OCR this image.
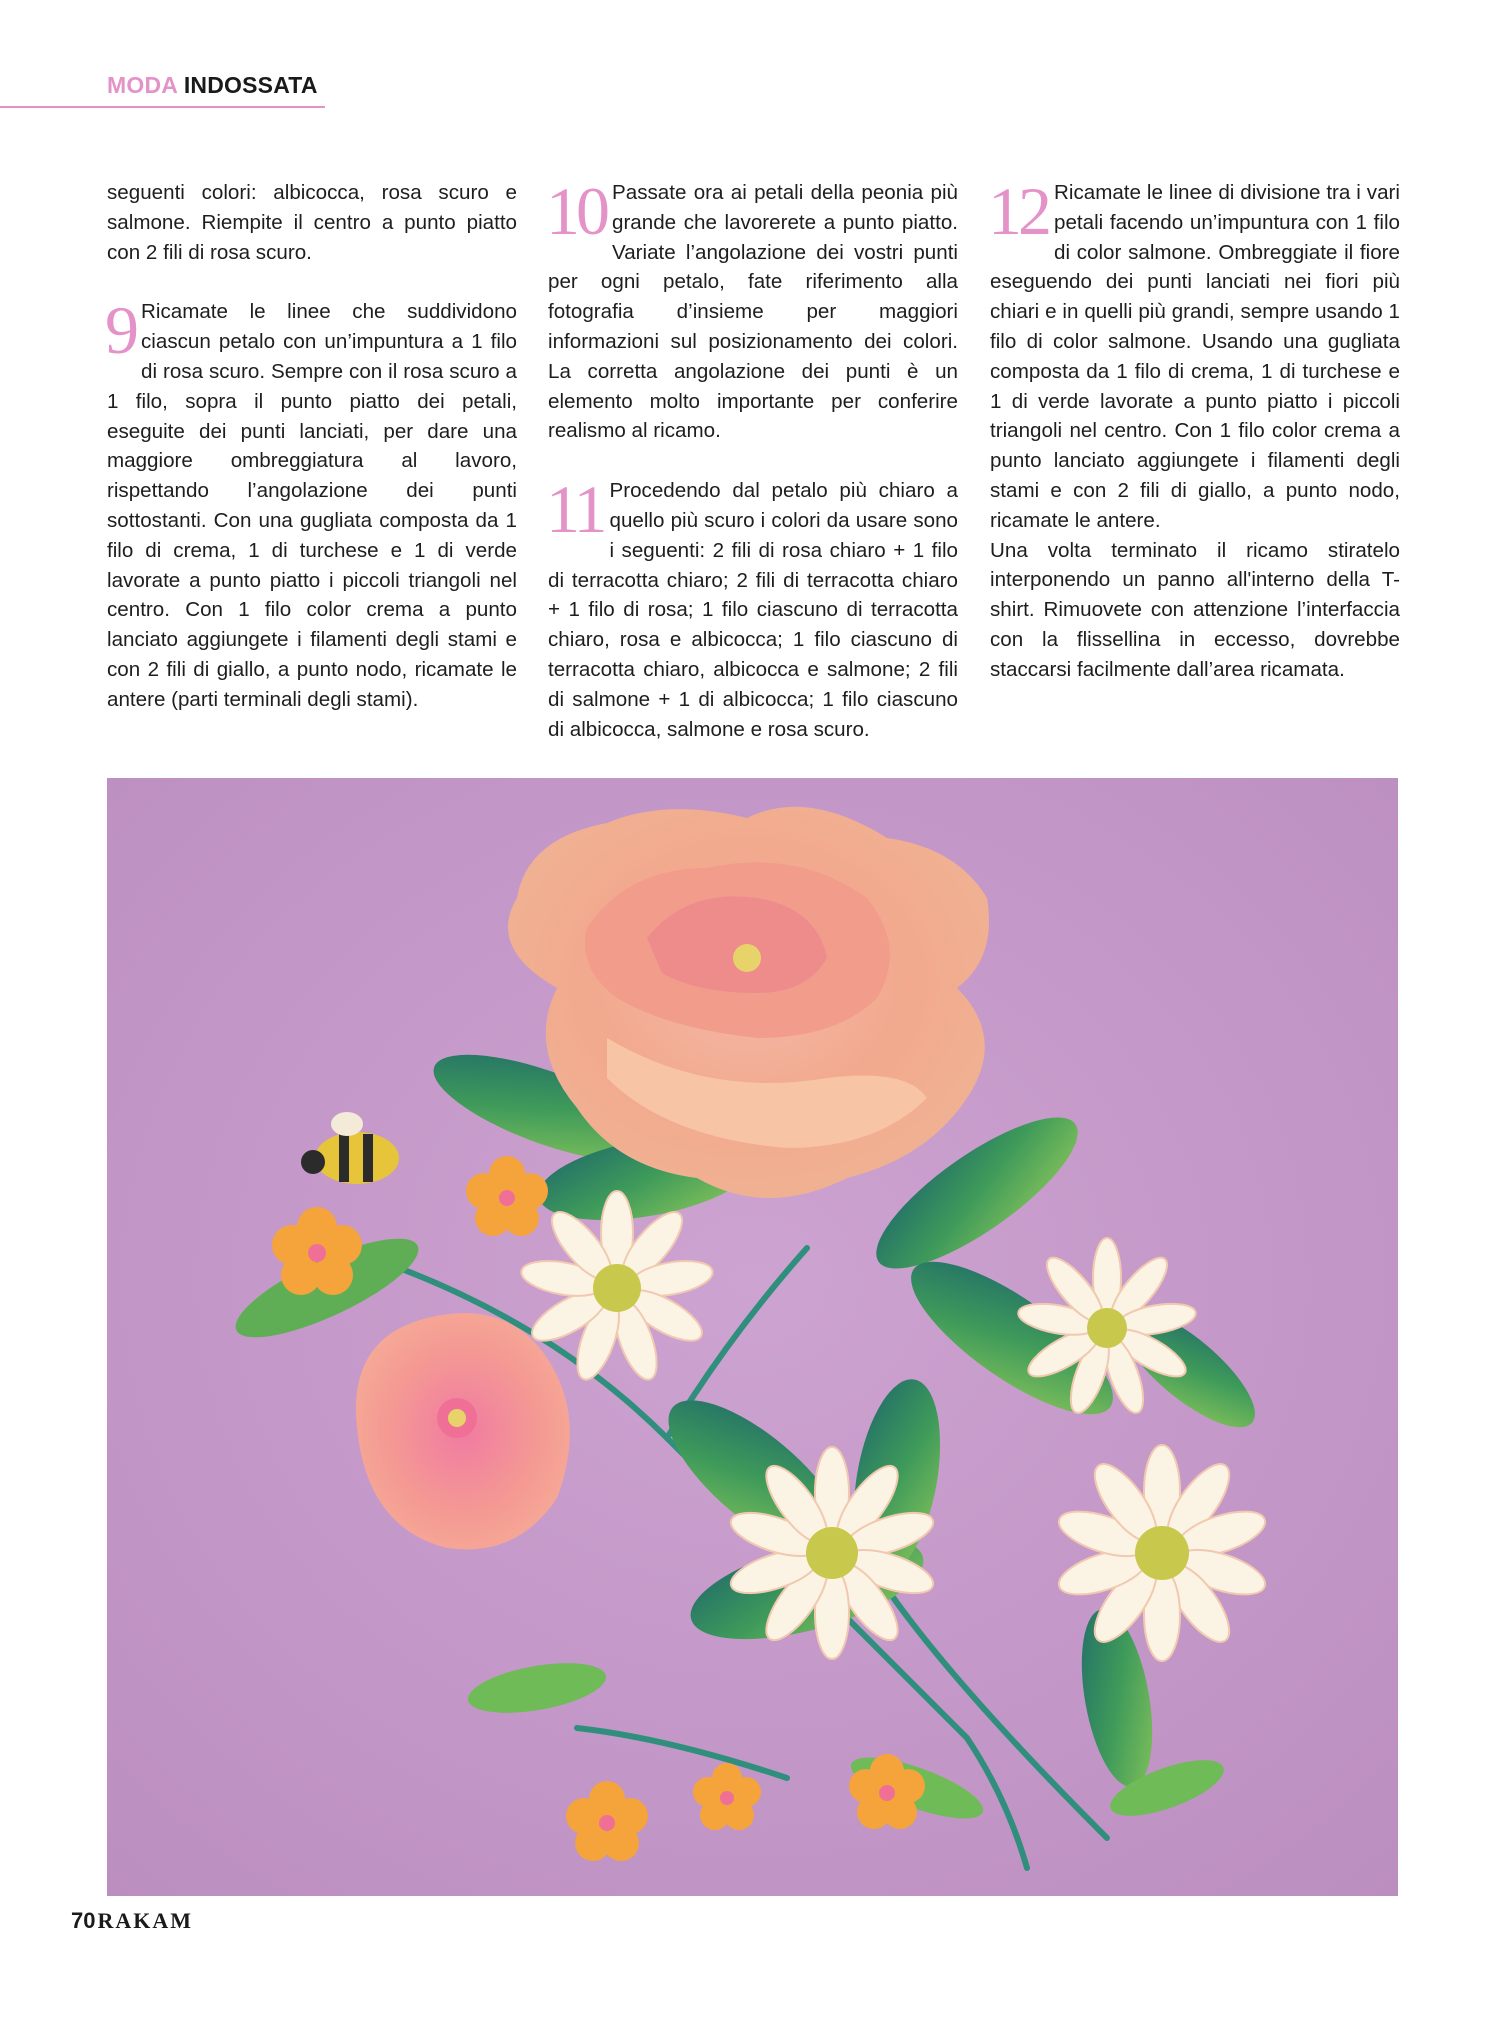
MODA INDOSSATA

seguenti colori: albicocca, rosa scuro e salmone. Riempite il centro a punto piatto con 2 fili di rosa scuro.

9 Ricamate le linee che suddividono ciascun petalo con un’impuntura a 1 filo di rosa scuro. Sempre con il rosa scuro a 1 filo, sopra il punto piatto dei petali, eseguite dei punti lanciati, per dare una maggiore ombreggiatura al lavoro, rispettando l’angolazione dei punti sottostanti. Con una gugliata composta da 1 filo di crema, 1 di turchese e 1 di verde lavorate a punto piatto i piccoli triangoli nel centro. Con 1 filo color crema a punto lanciato aggiungete i filamenti degli stami e con 2 fili di giallo, a punto nodo, ricamate le antere (parti terminali degli stami).

10 Passate ora ai petali della peonia più grande che lavorerete a punto piatto. Variate l’angolazione dei vostri punti per ogni petalo, fate riferimento alla fotografia d’insieme per maggiori informazioni sul posizionamento dei colori. La corretta angolazione dei punti è un elemento molto importante per conferire realismo al ricamo.

11 Procedendo dal petalo più chiaro a quello più scuro i colori da usare sono i seguenti: 2 fili di rosa chiaro + 1 filo di terracotta chiaro; 2 fili di terracotta chiaro + 1 filo di rosa; 1 filo ciascuno di terracotta chiaro, rosa e albicocca; 1 filo ciascuno di terracotta chiaro, albicocca e salmone; 2 fili di salmone + 1 di albicocca; 1 filo ciascuno di albicocca, salmone e rosa scuro.

12 Ricamate le linee di divisione tra i vari petali facendo un’impuntura con 1 filo di color salmone. Ombreggiate il fiore eseguendo dei punti lanciati nei fiori più chiari e in quelli più grandi, sempre usando 1 filo di color salmone. Usando una gugliata composta da 1 filo di crema, 1 di turchese e 1 di verde lavorate a punto piatto i piccoli triangoli nel centro. Con 1 filo color crema a punto lanciato aggiungete i filamenti degli stami e con 2 fili di giallo, a punto nodo, ricamate le antere.

Una volta terminato il ricamo stiratelo interponendo un panno all'interno della T-shirt. Rimuovete con attenzione l’interfaccia con la flissellina in eccesso, dovrebbe staccarsi facilmente dall’area ricamata.

70RAKAM
